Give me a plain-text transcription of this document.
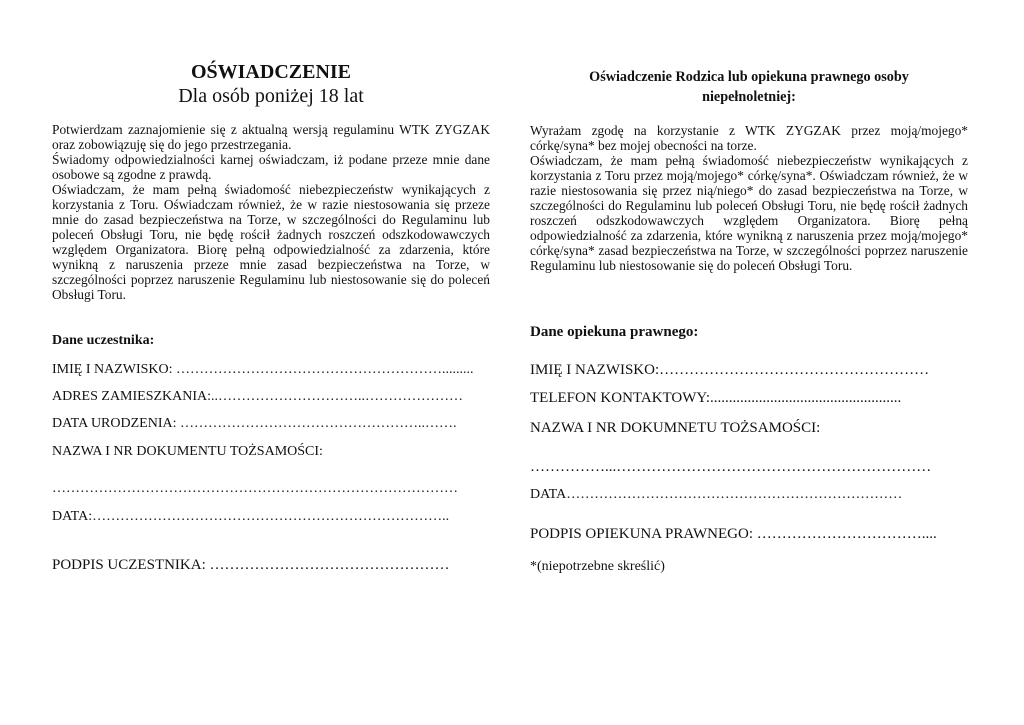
OŚWIADCZENIE
Dla osób poniżej 18 lat

Potwierdzam zaznajomienie się z aktualną wersją regulaminu WTK ZYGZAK oraz zobowiązuję się do jego przestrzegania.

Świadomy odpowiedzialności karnej oświadczam, iż podane przeze mnie dane osobowe są zgodne z prawdą.

Oświadczam, że mam pełną świadomość niebezpieczeństw wynikających z korzystania z Toru. Oświadczam również, że w razie niestosowania się przeze mnie do zasad bezpieczeństwa na Torze, w szczególności do Regulaminu lub poleceń Obsługi Toru, nie będę rościł żadnych roszczeń odszkodowawczych względem Organizatora. Biorę pełną odpowiedzialność za zdarzenia, które wynikną z naruszenia przeze mnie zasad bezpieczeństwa na Torze, w szczególności poprzez naruszenie Regulaminu lub niestosowanie się do poleceń Obsługi Toru.

Dane uczestnika:
IMIĘ I NAZWISKO: ………………………………………………….........
ADRES ZAMIESZKANIA:..…………………………..…………………
DATA URODZENIA: ……………………………………………..…….
NAZWA I NR DOKUMENTU TOŻSAMOŚCI:
……………………………………………………………………………
DATA:…………………………………………………………………..
PODPIS UCZESTNIKA: …………………………………………
Oświadczenie Rodzica lub opiekuna prawnego osoby
niepełnoletniej:

Wyrażam zgodę na korzystanie z WTK ZYGZAK przez moją/mojego* córkę/syna* bez mojej obecności na torze.

Oświadczam, że mam pełną świadomość niebezpieczeństw wynikających z korzystania z Toru przez moją/mojego* córkę/syna*. Oświadczam również, że w razie niestosowania się przez nią/niego* do zasad bezpieczeństwa na Torze, w szczególności do Regulaminu lub poleceń Obsługi Toru, nie będę rościł żadnych roszczeń odszkodowawczych względem Organizatora. Biorę pełną odpowiedzialność za zdarzenia, które wynikną z naruszenia przez moją/mojego* córkę/syna* zasad bezpieczeństwa na Torze, w szczególności poprzez naruszenie Regulaminu lub niestosowanie się do poleceń Obsługi Toru.

Dane opiekuna prawnego:
IMIĘ I NAZWISKO:………………………………………………
TELEFON KONTAKTOWY:...................................................
NAZWA I NR DOKUMNETU TOŻSAMOŚCI:
……………...………………………………………………………
DATA………………………………………………………………
PODPIS OPIEKUNA PRAWNEGO: ……………………………....
*(niepotrzebne skreślić)
